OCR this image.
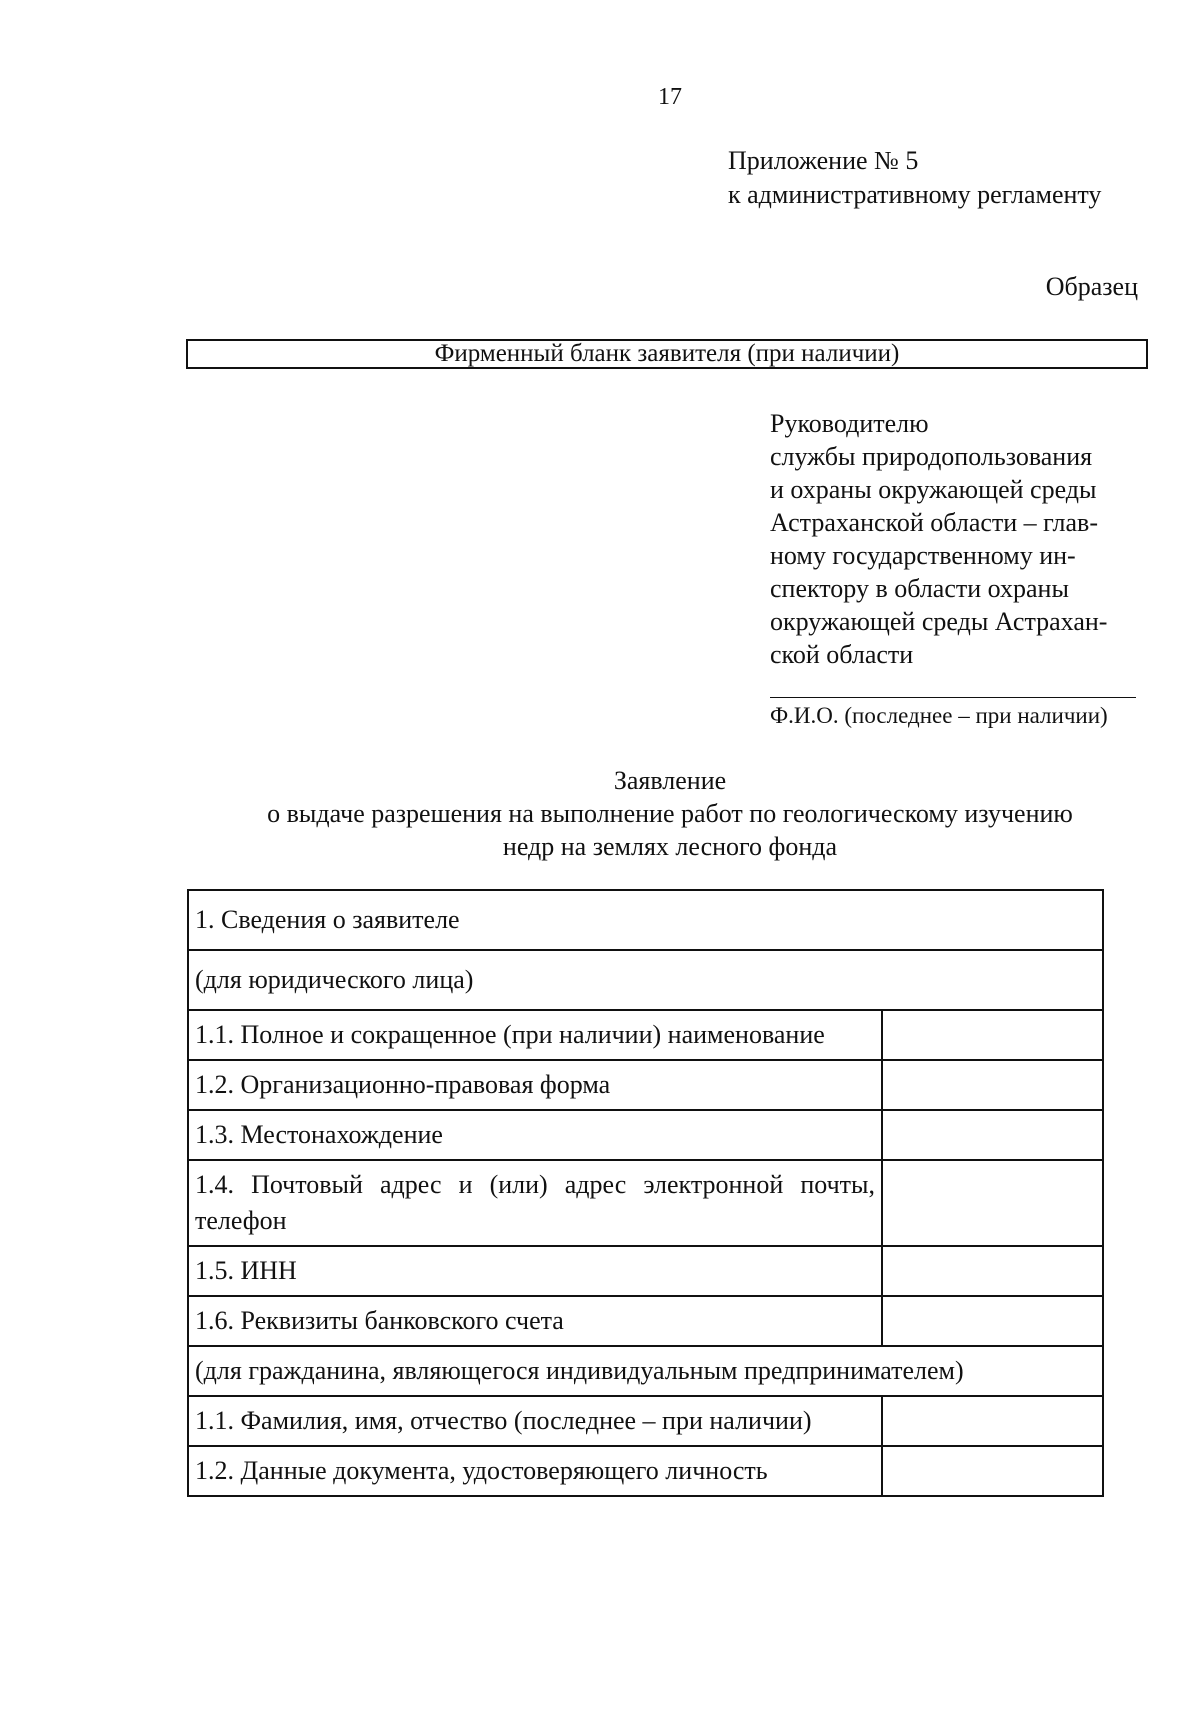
17
Приложение № 5
к административному регламенту
Образец
Фирменный бланк заявителя (при наличии)
Руководителю
службы природопользования
и охраны окружающей среды
Астраханской области – глав-
ному государственному ин-
спектору в области охраны
окружающей среды Астрахан-
ской области
Ф.И.О. (последнее – при наличии)
Заявление
о выдаче разрешения на выполнение работ по геологическому изучению
недр на землях лесного фонда
1. Сведения о заявителе	
(для юридического лица)	
1.1. Полное и сокращенное (при наличии) наименование	
1.2. Организационно-правовая форма	
1.3. Местонахождение	
1.4. Почтовый адрес и (или) адрес электронной почты, телефон	
1.5. ИНН	
1.6. Реквизиты банковского счета	
(для гражданина, являющегося индивидуальным предпринимателем)	
1.1. Фамилия, имя, отчество (последнее – при наличии)	
1.2. Данные документа, удостоверяющего личность	
